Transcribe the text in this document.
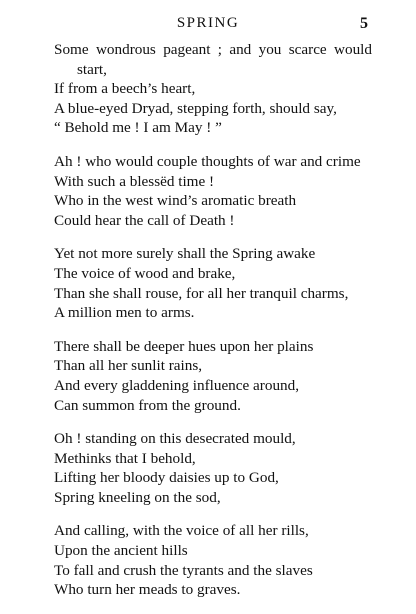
SPRING	5
Some wondrous pageant ; and you scarce would
start,
If from a beech’s heart,
A blue-eyed Dryad, stepping forth, should say,
“ Behold me ! I am May ! ”
Ah ! who would couple thoughts of war and crime
With such a blessëd time !
Who in the west wind’s aromatic breath
Could hear the call of Death !
Yet not more surely shall the Spring awake
The voice of wood and brake,
Than she shall rouse, for all her tranquil charms,
A million men to arms.
There shall be deeper hues upon her plains
Than all her sunlit rains,
And every gladdening influence around,
Can summon from the ground.
Oh ! standing on this desecrated mould,
Methinks that I behold,
Lifting her bloody daisies up to God,
Spring kneeling on the sod,
And calling, with the voice of all her rills,
Upon the ancient hills
To fall and crush the tyrants and the slaves
Who turn her meads to graves.
